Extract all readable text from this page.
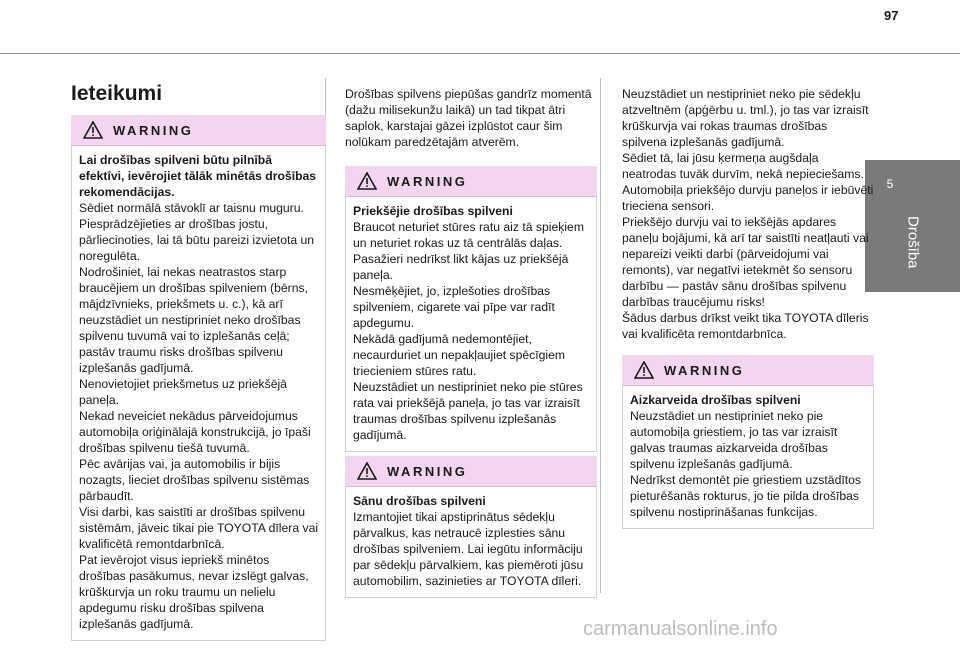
97
5
Drošība
Ieteikumi
WARNING
Lai drošības spilveni būtu pilnībā efektīvi, ievērojiet tālāk minētās drošības rekomendācijas.
Sēdiet normālā stāvoklī ar taisnu muguru.
Piesprādzējieties ar drošības jostu, pārliecinoties, lai tā būtu pareizi izvietota un noregulēta.
Nodrošiniet, lai nekas neatrastos starp braucējiem un drošības spilveniem (bērns, mājdzīvnieks, priekšmets u. c.), kā arī neuzstādiet un nestipriniet neko drošības spilvenu tuvumā vai to izplešanās ceļā; pastāv traumu risks drošības spilvenu izplešanās gadījumā.
Nenovietojiet priekšmetus uz priekšējā paneļa.
Nekad neveiciet nekādus pārveidojumus automobiļa oriģinālajā konstrukcijā, jo īpaši drošības spilvenu tiešā tuvumā.
Pēc avārijas vai, ja automobilis ir bijis nozagts, lieciet drošības spilvenu sistēmas pārbaudīt.
Visi darbi, kas saistīti ar drošības spilvenu sistēmām, jāveic tikai pie TOYOTA dīlera vai kvalificētā remontdarbnīcā.
Pat ievērojot visus iepriekš minētos drošības pasākumus, nevar izslēgt galvas, krūškurvja un roku traumu un nelielu apdegumu risku drošības spilvena izplešanās gadījumā.
Drošības spilvens piepūšas gandrīz momentā (dažu milisekunžu laikā) un tad tikpat ātri saplok, karstajai gāzei izplūstot caur šim nolūkam paredzētajām atverēm.
WARNING
Priekšējie drošības spilveni
Braucot neturiet stūres ratu aiz tā spieķiem un neturiet rokas uz tā centrālās daļas.
Pasažieri nedrīkst likt kājas uz priekšējā paneļa.
Nesmēķējiet, jo, izplešoties drošības spilveniem, cigarete vai pīpe var radīt apdegumu.
Nekādā gadījumā nedemontējiet, necaurduriet un nepakļaujiet spēcīgiem triecieniem stūres ratu.
Neuzstādiet un nestipriniet neko pie stūres rata vai priekšējā paneļa, jo tas var izraisīt traumas drošības spilvenu izplešanās gadījumā.
WARNING
Sānu drošības spilveni
Izmantojiet tikai apstiprinātus sēdekļu pārvalkus, kas netraucē izplesties sānu drošības spilveniem. Lai iegūtu informāciju par sēdekļu pārvalkiem, kas piemēroti jūsu automobilim, sazinieties ar TOYOTA dīleri.
Neuzstādiet un nestipriniet neko pie sēdekļu atzveltnēm (apģērbu u. tml.), jo tas var izraisīt krūškurvja vai rokas traumas drošības spilvena izplešanās gadījumā.
Sēdiet tā, lai jūsu ķermeņa augšdaļa neatrodas tuvāk durvīm, nekā nepieciešams.
Automobiļa priekšējo durvju paneļos ir iebūvēti trieciena sensori.
Priekšējo durvju vai to iekšējās apdares paneļu bojājumi, kā arī tar saistīti neatļauti vai nepareizi veikti darbi (pārveidojumi vai remonts), var negatīvi ietekmēt šo sensoru darbību — pastāv sānu drošības spilvenu darbības traucējumu risks!
Šādus darbus drīkst veikt tika TOYOTA dīleris vai kvalificēta remontdarbnīca.
WARNING
Aizkarveida drošības spilveni
Neuzstādiet un nestipriniet neko pie automobiļa griestiem, jo tas var izraisīt galvas traumas aizkarveida drošības spilvenu izplešanās gadījumā.
Nedrīkst demontēt pie griestiem uzstādītos pieturēšanās rokturus, jo tie pilda drošības spilvenu nostiprināšanas funkcijas.
carmanualsonline.info
